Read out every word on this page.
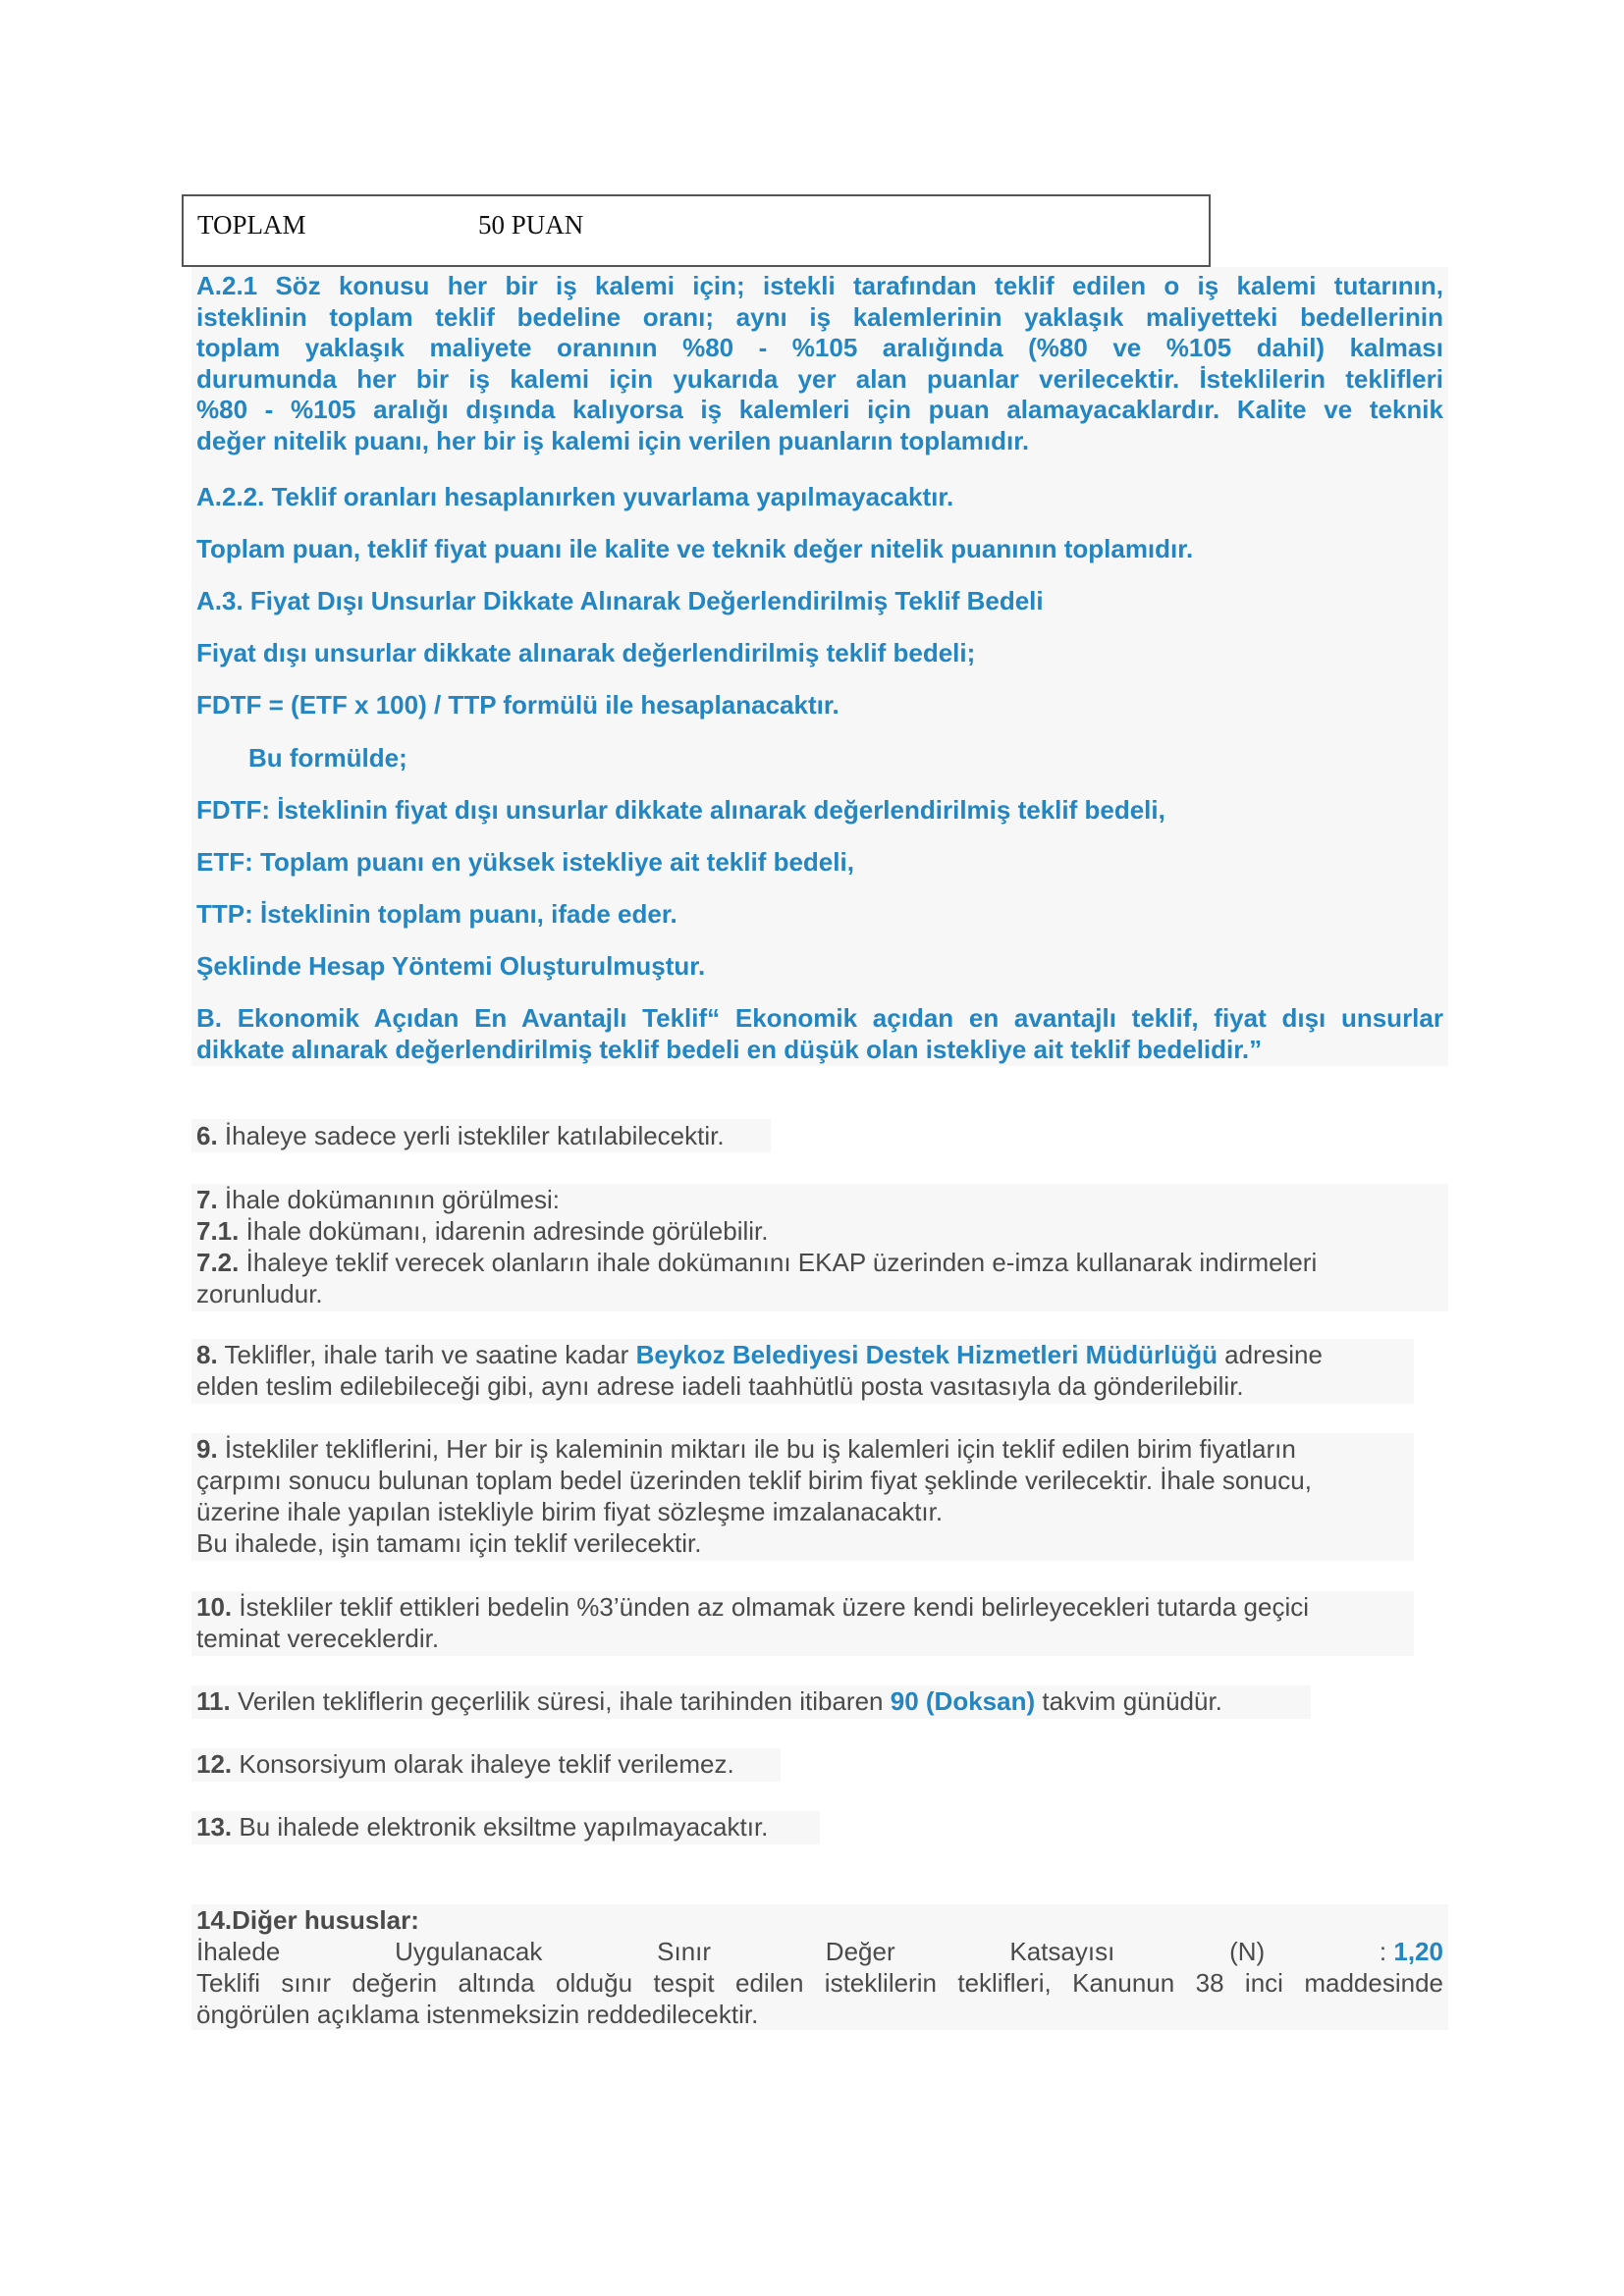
TOPLAM	50 PUAN

A.2.1 Söz konusu her bir iş kalemi için; istekli tarafından teklif edilen o iş kalemi tutarının,

isteklinin toplam teklif bedeline oranı; aynı iş kalemlerinin yaklaşık maliyetteki bedellerinin

toplam yaklaşık maliyete oranının %80 - %105 aralığında (%80 ve %105 dahil) kalması

durumunda her bir iş kalemi için yukarıda yer alan puanlar verilecektir. İsteklilerin teklifleri

%80 - %105 aralığı dışında kalıyorsa iş kalemleri için puan alamayacaklardır. Kalite ve teknik

değer nitelik puanı, her bir iş kalemi için verilen puanların toplamıdır.

A.2.2. Teklif oranları hesaplanırken yuvarlama yapılmayacaktır.

Toplam puan, teklif fiyat puanı ile kalite ve teknik değer nitelik puanının toplamıdır.

A.3. Fiyat Dışı Unsurlar Dikkate Alınarak Değerlendirilmiş Teklif Bedeli

Fiyat dışı unsurlar dikkate alınarak değerlendirilmiş teklif bedeli;

FDTF = (ETF x 100) / TTP formülü ile hesaplanacaktır.

Bu formülde;

FDTF: İsteklinin fiyat dışı unsurlar dikkate alınarak değerlendirilmiş teklif bedeli,

ETF: Toplam puanı en yüksek istekliye ait teklif bedeli,

TTP: İsteklinin toplam puanı, ifade eder.

Şeklinde Hesap Yöntemi Oluşturulmuştur.

B. Ekonomik Açıdan En Avantajlı Teklif“ Ekonomik açıdan en avantajlı teklif, fiyat dışı unsurlar

dikkate alınarak değerlendirilmiş teklif bedeli en düşük olan istekliye ait teklif bedelidir.”

6. İhaleye sadece yerli istekliler katılabilecektir.

7. İhale dokümanının görülmesi:

7.1. İhale dokümanı, idarenin adresinde görülebilir.

7.2. İhaleye teklif verecek olanların ihale dokümanını EKAP üzerinden e-imza kullanarak indirmeleri

zorunludur.

8. Teklifler, ihale tarih ve saatine kadar Beykoz Belediyesi Destek Hizmetleri Müdürlüğü adresine

elden teslim edilebileceği gibi, aynı adrese iadeli taahhütlü posta vasıtasıyla da gönderilebilir.

9. İstekliler tekliflerini, Her bir iş kaleminin miktarı ile bu iş kalemleri için teklif edilen birim fiyatların

çarpımı sonucu bulunan toplam bedel üzerinden teklif birim fiyat şeklinde verilecektir. İhale sonucu,

üzerine ihale yapılan istekliyle birim fiyat sözleşme imzalanacaktır.

Bu ihalede, işin tamamı için teklif verilecektir.

10. İstekliler teklif ettikleri bedelin %3’ünden az olmamak üzere kendi belirleyecekleri tutarda geçici

teminat vereceklerdir.

11. Verilen tekliflerin geçerlilik süresi, ihale tarihinden itibaren 90 (Doksan) takvim günüdür.

12. Konsorsiyum olarak ihaleye teklif verilemez.

13. Bu ihalede elektronik eksiltme yapılmayacaktır.

14.Diğer hususlar:

İhalede	Uygulanacak	Sınır	Değer	Katsayısı	(N)	: 1,20

Teklifi sınır değerin altında olduğu tespit edilen isteklilerin teklifleri, Kanunun 38 inci maddesinde

öngörülen açıklama istenmeksizin reddedilecektir.
